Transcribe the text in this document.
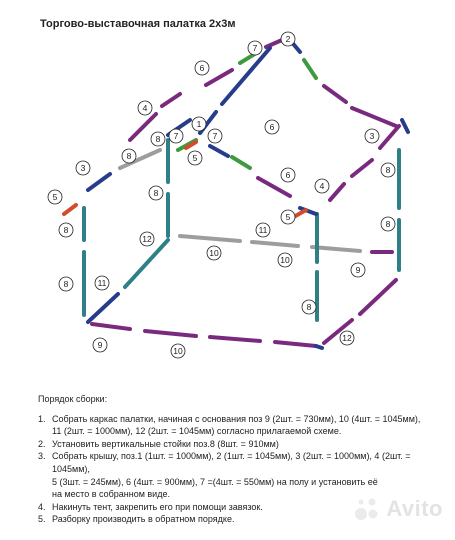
Торгово-выставочная палатка 2х3м
1
2
3
3
4
4
5
5
5
6
6
6
7
7	7
8
8
8
8
8
8
8
8
9
9
10
10
10
11
11
12
12
Порядок сборки:
1. Собрать каркас палатки, начиная с основания поз 9 (2шт. = 730мм), 10 (4шт. = 1045мм),
11 (2шт. = 1000мм), 12 (2шт. = 1045мм) согласно прилагаемой схеме.
2. Установить вертикальные стойки поз.8 (8шт. = 910мм)
3. Собрать крышу, поз.1 (1шт. = 1000мм), 2 (1шт. = 1045мм), 3 (2шт. = 1000мм), 4 (2шт. = 1045мм),
5 (3шт. = 245мм), 6 (4шт. = 900мм), 7 =(4шт. = 550мм) на полу и установить её
на место в собранном виде.
4. Накинуть тент, закрепить его при помощи завязок.
5. Разборку производить в обратном порядке.	Avito
